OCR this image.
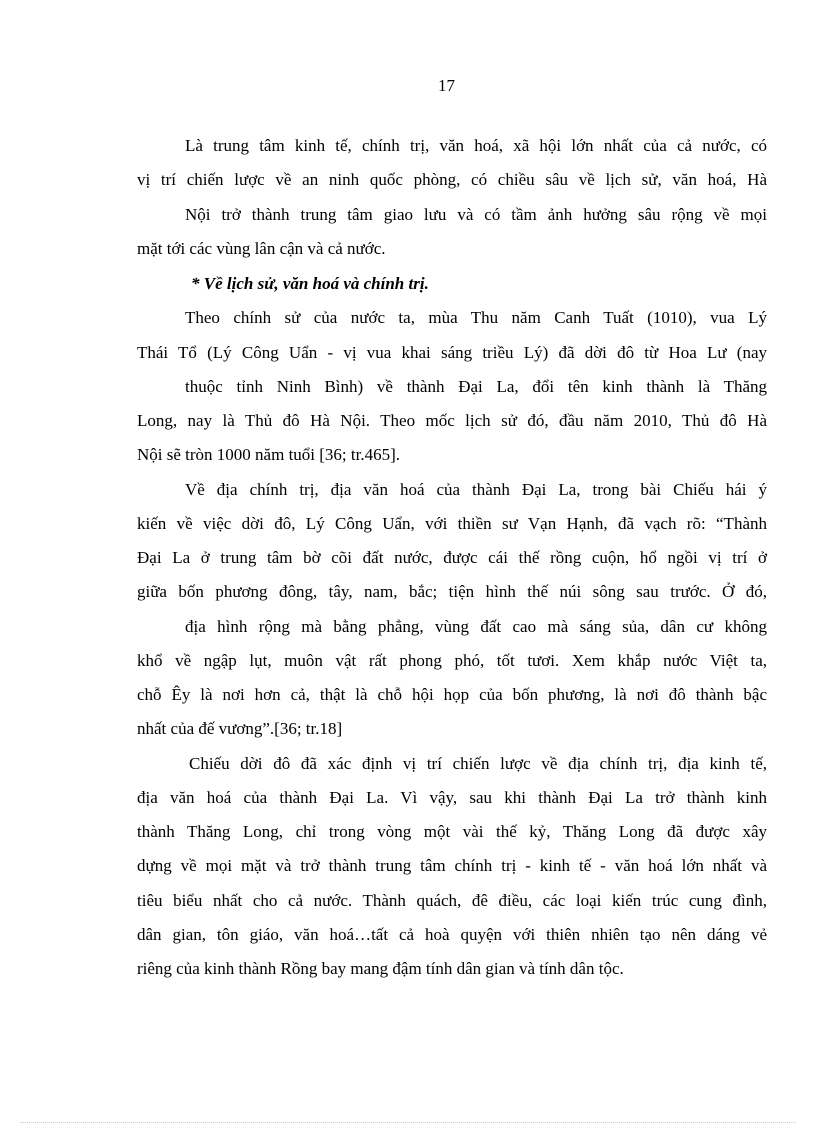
17
Là trung tâm kinh tế, chính trị, văn hoá, xã hội lớn nhất của cả nước, có
vị trí chiến lược về an ninh quốc phòng, có chiều sâu về lịch sử, văn hoá, Hà
Nội trở thành trung tâm giao lưu và có tầm ảnh hưởng sâu rộng về mọi
mặt tới các vùng lân cận và cả nước.
* Về lịch sử, văn hoá và chính trị.
Theo chính sử của nước ta, mùa Thu năm Canh Tuất (1010), vua Lý
Thái Tổ (Lý Công Uẩn - vị vua khai sáng triều Lý) đã dời đô từ Hoa Lư (nay
thuộc tỉnh Ninh Bình) về thành Đại La, đổi tên kinh thành là Thăng
Long, nay là Thủ đô Hà Nội. Theo mốc lịch sử đó, đầu năm 2010, Thủ đô Hà
Nội sẽ tròn 1000 năm tuổi [36; tr.465].
Về địa chính trị, địa văn hoá của thành Đại La, trong bài Chiếu hái ý
kiến về việc dời đô, Lý Công Uẩn, với thiền sư Vạn Hạnh, đã vạch rõ: “Thành
Đại La ở trung tâm bờ cõi đất nước, được cái thế rồng cuộn, hổ ngồi vị trí ở
giữa bốn phương đông, tây, nam, bắc; tiện hình thế núi sông sau trước. Ở đó,
địa hình rộng mà bằng phẳng, vùng đất cao mà sáng sủa, dân cư không
khổ về ngập lụt, muôn vật rất phong phó, tốt tươi. Xem khắp nước Việt ta,
chỗ Êy là nơi hơn cả, thật là chỗ hội họp của bốn phương, là nơi đô thành bậc
nhất của đế vương”.[36; tr.18]
Chiếu dời đô đã xác định vị trí chiến lược về địa chính trị, địa kinh tế,
địa văn hoá của thành Đại La. Vì vậy, sau khi thành Đại La trở thành kinh
thành Thăng Long, chỉ trong vòng một vài thế kỷ, Thăng Long đã được xây
dựng về mọi mặt và trở thành trung tâm chính trị - kinh tế - văn hoá lớn nhất và
tiêu biểu nhất cho cả nước. Thành quách, đê điều, các loại kiến trúc cung đình,
dân gian, tôn giáo, văn hoá…tất cả hoà quyện với thiên nhiên tạo nên dáng vẻ
riêng của kinh thành Rồng bay mang đậm tính dân gian và tính dân tộc.
